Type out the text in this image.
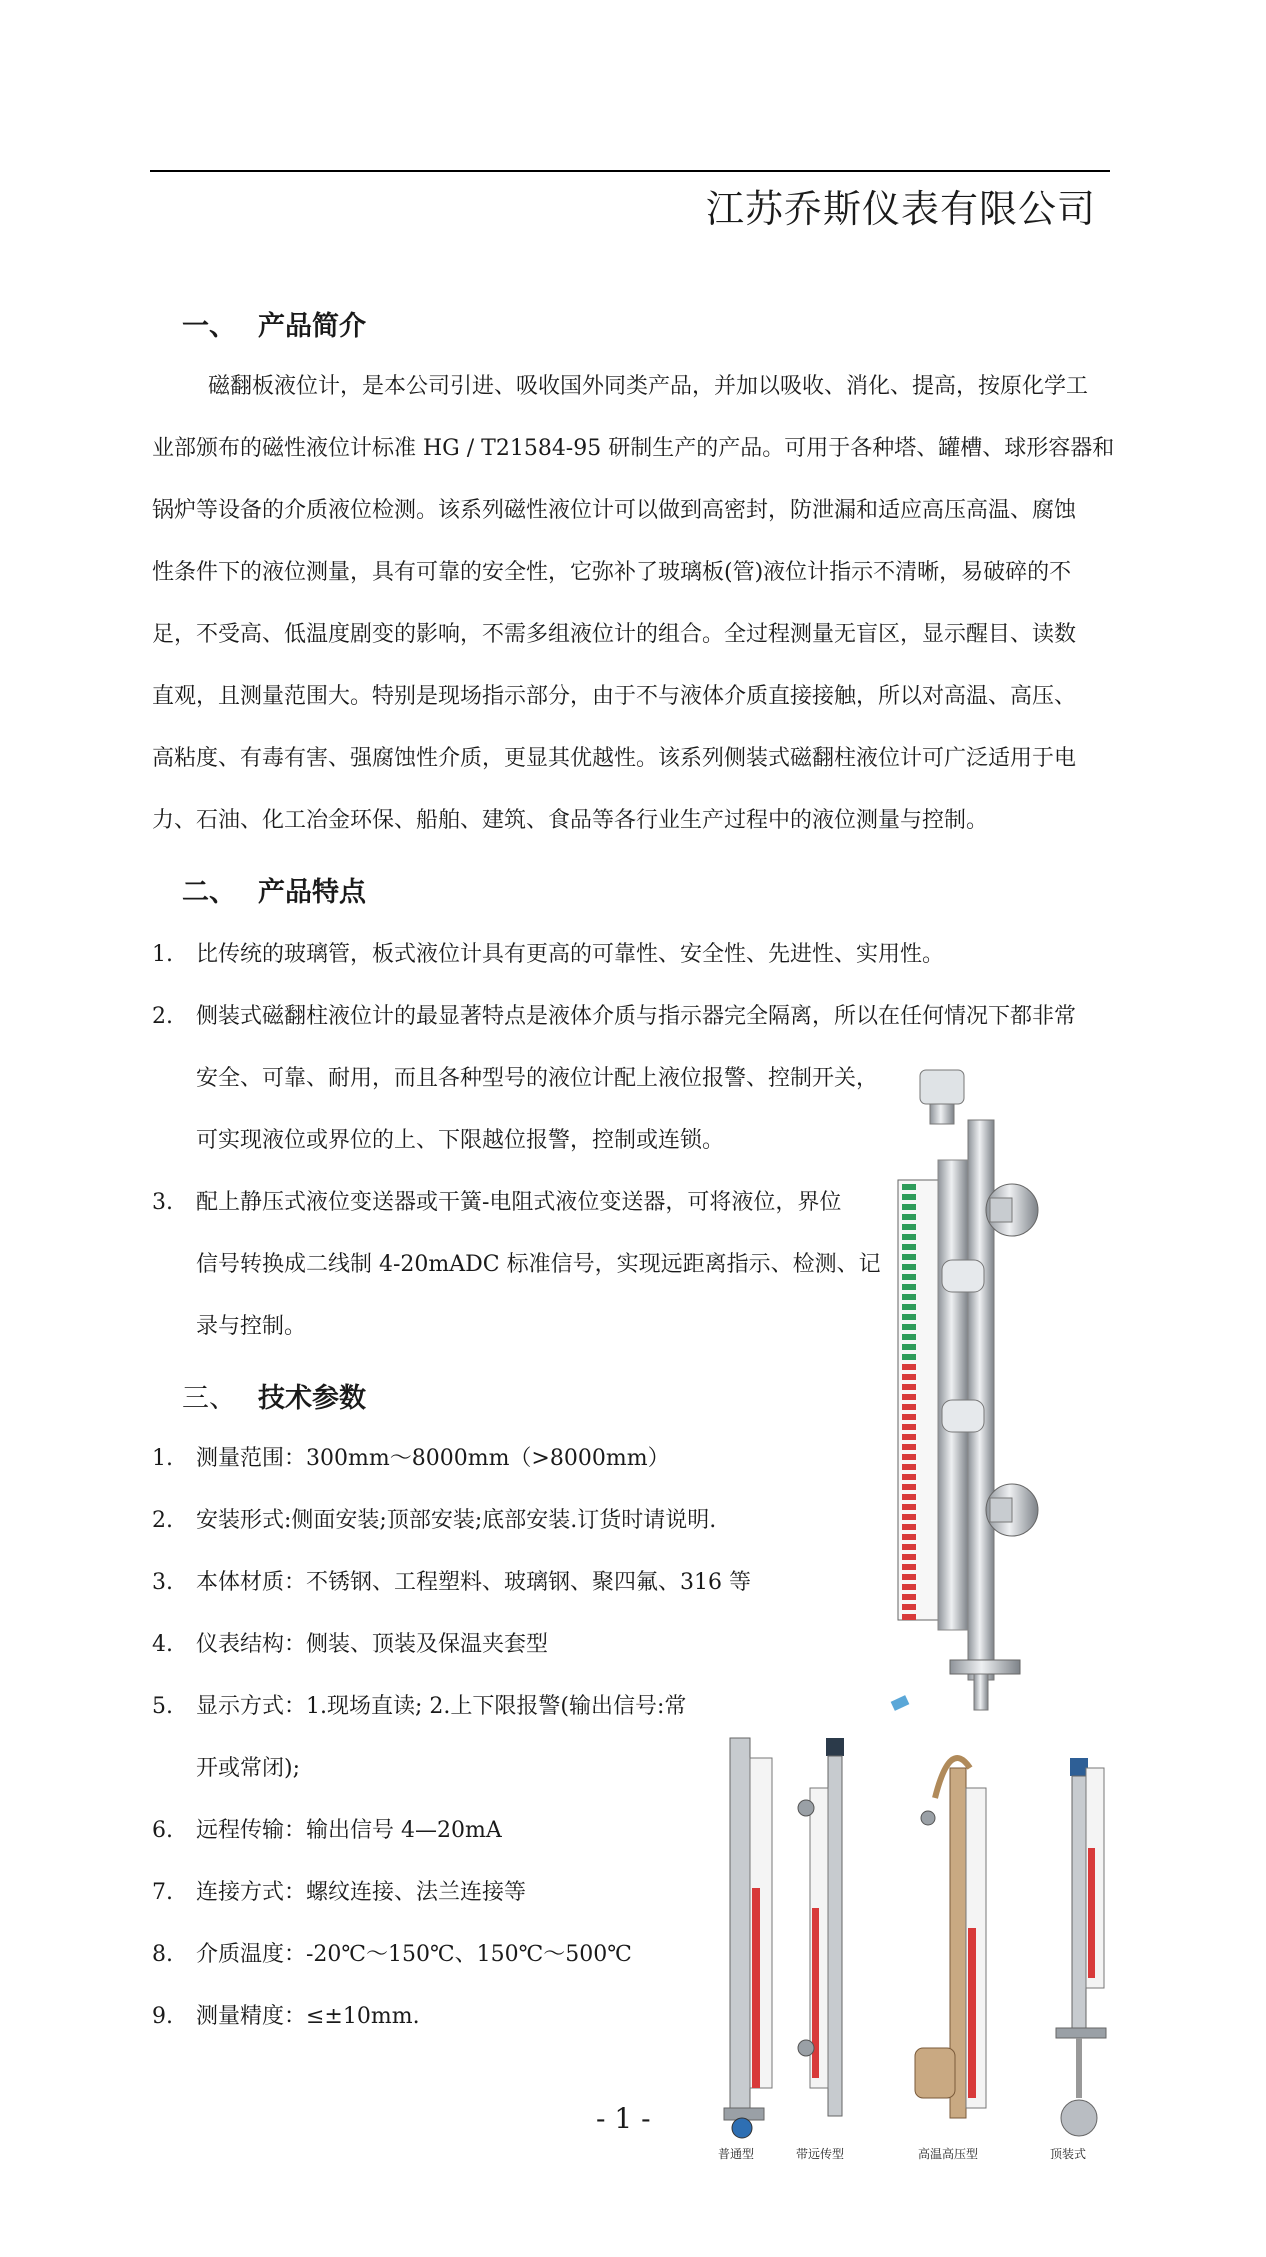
江苏乔斯仪表有限公司
一、 产品简介
磁翻板液位计，是本公司引进、吸收国外同类产品，并加以吸收、消化、提高，按原化学工
业部颁布的磁性液位计标准 HG / T21584-95 研制生产的产品。可用于各种塔、罐槽、球形容器和
锅炉等设备的介质液位检测。该系列磁性液位计可以做到高密封，防泄漏和适应高压高温、腐蚀
性条件下的液位测量，具有可靠的安全性，它弥补了玻璃板(管)液位计指示不清晰，易破碎的不
足，不受高、低温度剧变的影响，不需多组液位计的组合。全过程测量无盲区，显示醒目、读数
直观，且测量范围大。特别是现场指示部分，由于不与液体介质直接接触，所以对高温、高压、
高粘度、有毒有害、强腐蚀性介质，更显其优越性。该系列侧装式磁翻柱液位计可广泛适用于电
力、石油、化工冶金环保、船舶、建筑、食品等各行业生产过程中的液位测量与控制。
二、 产品特点
1.	比传统的玻璃管，板式液位计具有更高的可靠性、安全性、先进性、实用性。
2.	侧装式磁翻柱液位计的最显著特点是液体介质与指示器完全隔离，所以在任何情况下都非常
安全、可靠、耐用，而且各种型号的液位计配上液位报警、控制开关，
可实现液位或界位的上、下限越位报警，控制或连锁。
3.	配上静压式液位变送器或干簧-电阻式液位变送器，可将液位，界位
信号转换成二线制 4-20mADC 标准信号，实现远距离指示、检测、记
录与控制。
三、 技术参数
1.	测量范围：300mm～8000mm（>8000mm）
2.	安装形式:侧面安装;顶部安装;底部安装.订货时请说明.
3.	本体材质：不锈钢、工程塑料、玻璃钢、聚四氟、316 等
4.	仪表结构：侧装、顶装及保温夹套型
5.	显示方式：1.现场直读; 2.上下限报警(输出信号:常
开或常闭);
6.	远程传输：输出信号 4—20mA
7.	连接方式：螺纹连接、法兰连接等
8.	介质温度：-20℃～150℃、150℃～500℃
9.	测量精度：≤±10mm.
普通型	带远传型	高温高压型	顶装式
- 1 -
